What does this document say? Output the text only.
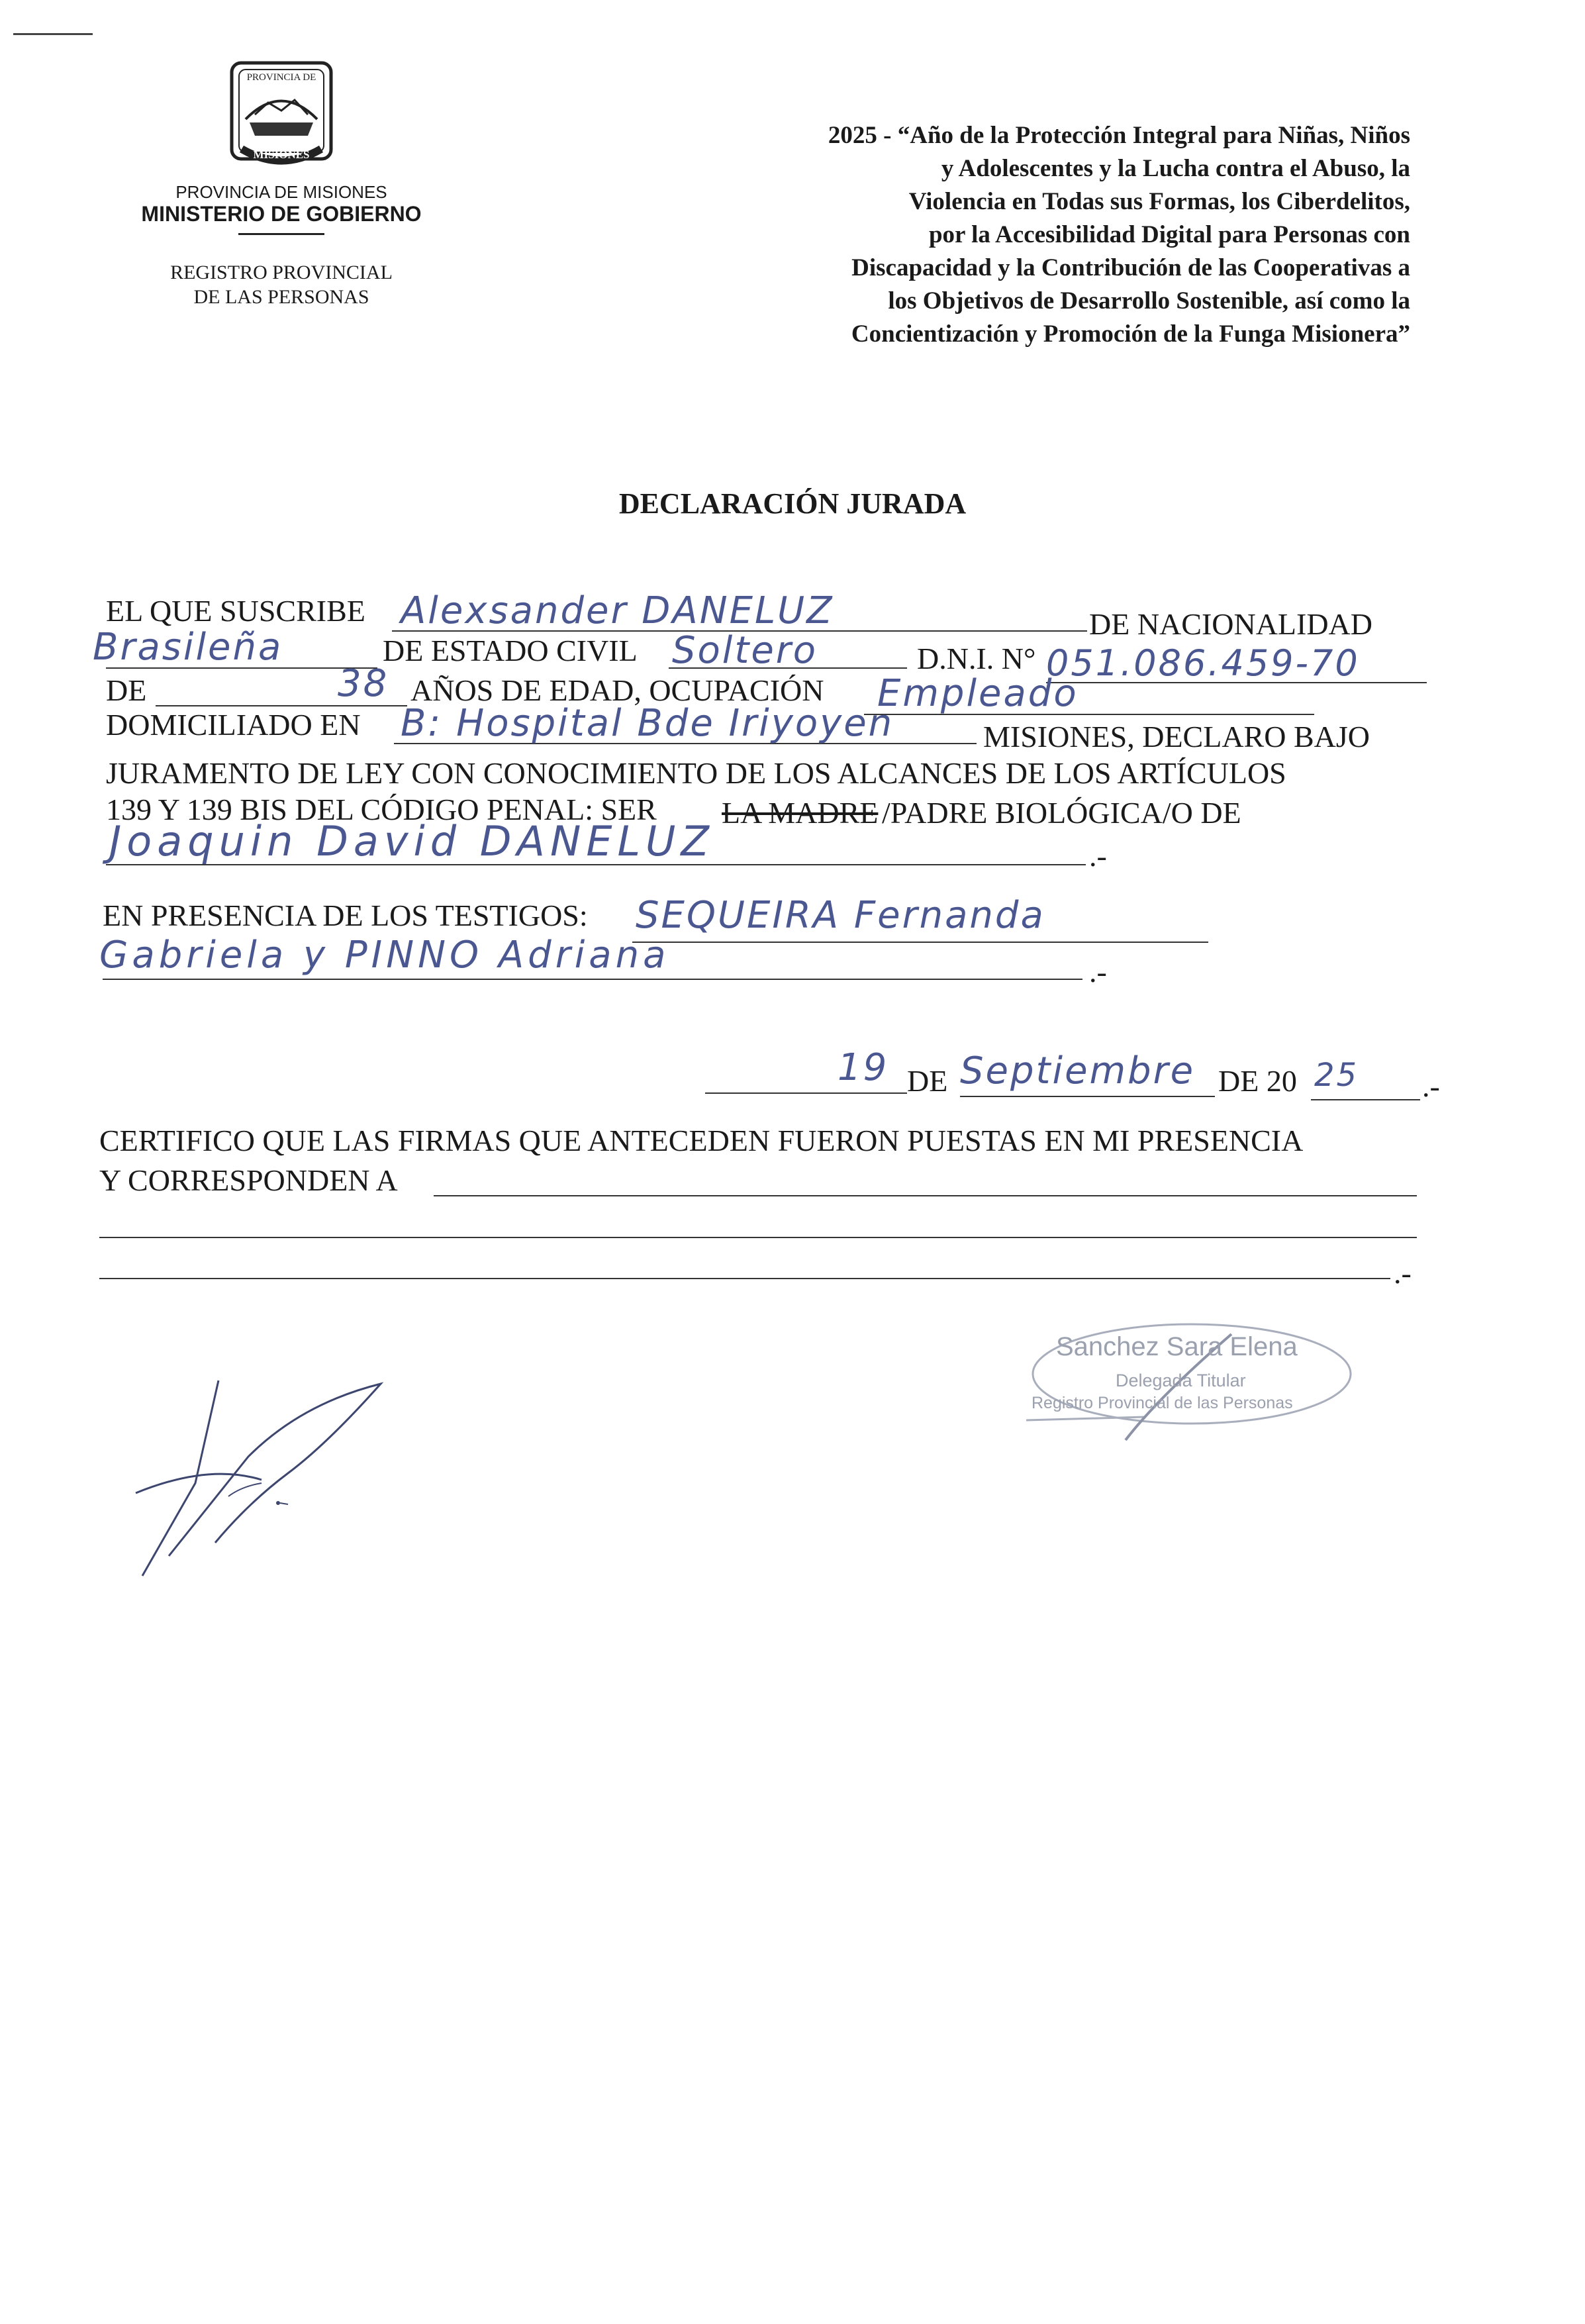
PROVINCIA DE
MISIONES
PROVINCIA DE MISIONES
MINISTERIO DE GOBIERNO
REGISTRO PROVINCIAL
DE LAS PERSONAS
2025 - “Año de la Protección Integral para Niñas, Niños
y Adolescentes y la Lucha contra el Abuso, la
Violencia en Todas sus Formas, los Ciberdelitos,
por la Accesibilidad Digital para Personas con
Discapacidad y la Contribución de las Cooperativas a
los Objetivos de Desarrollo Sostenible, así como la
Concientización y Promoción de la Funga Misionera”
DECLARACIÓN JURADA
EL QUE SUSCRIBE Alexsander DANELUZ	DE NACIONALIDAD
Brasileña	DE ESTADO CIVIL Soltero	D.N.I. N° 051.086.459-70
DE	38 AÑOS DE EDAD, OCUPACIÓN Empleado
DOMICILIADO EN B: Hospital Bde Iriyoyen	MISIONES, DECLARO BAJO
JURAMENTO DE LEY CON CONOCIMIENTO DE LOS ALCANCES DE LOS ARTÍCULOS
139 Y 139 BIS DEL CÓDIGO PENAL: SER LA MADRE /PADRE BIOLÓGICA/O DE
Joaquin David DANELUZ	.-
EN PRESENCIA DE LOS TESTIGOS: SEQUEIRA Fernanda
Gabriela y PINNO Adriana	.-
19 DE Septiembre DE 20 25 .-
CERTIFICO QUE LAS FIRMAS QUE ANTECEDEN FUERON PUESTAS EN MI PRESENCIA
Y CORRESPONDEN A
.-
Sanchez Sara Elena
Delegada Titular
Registro Provincial de las Personas
